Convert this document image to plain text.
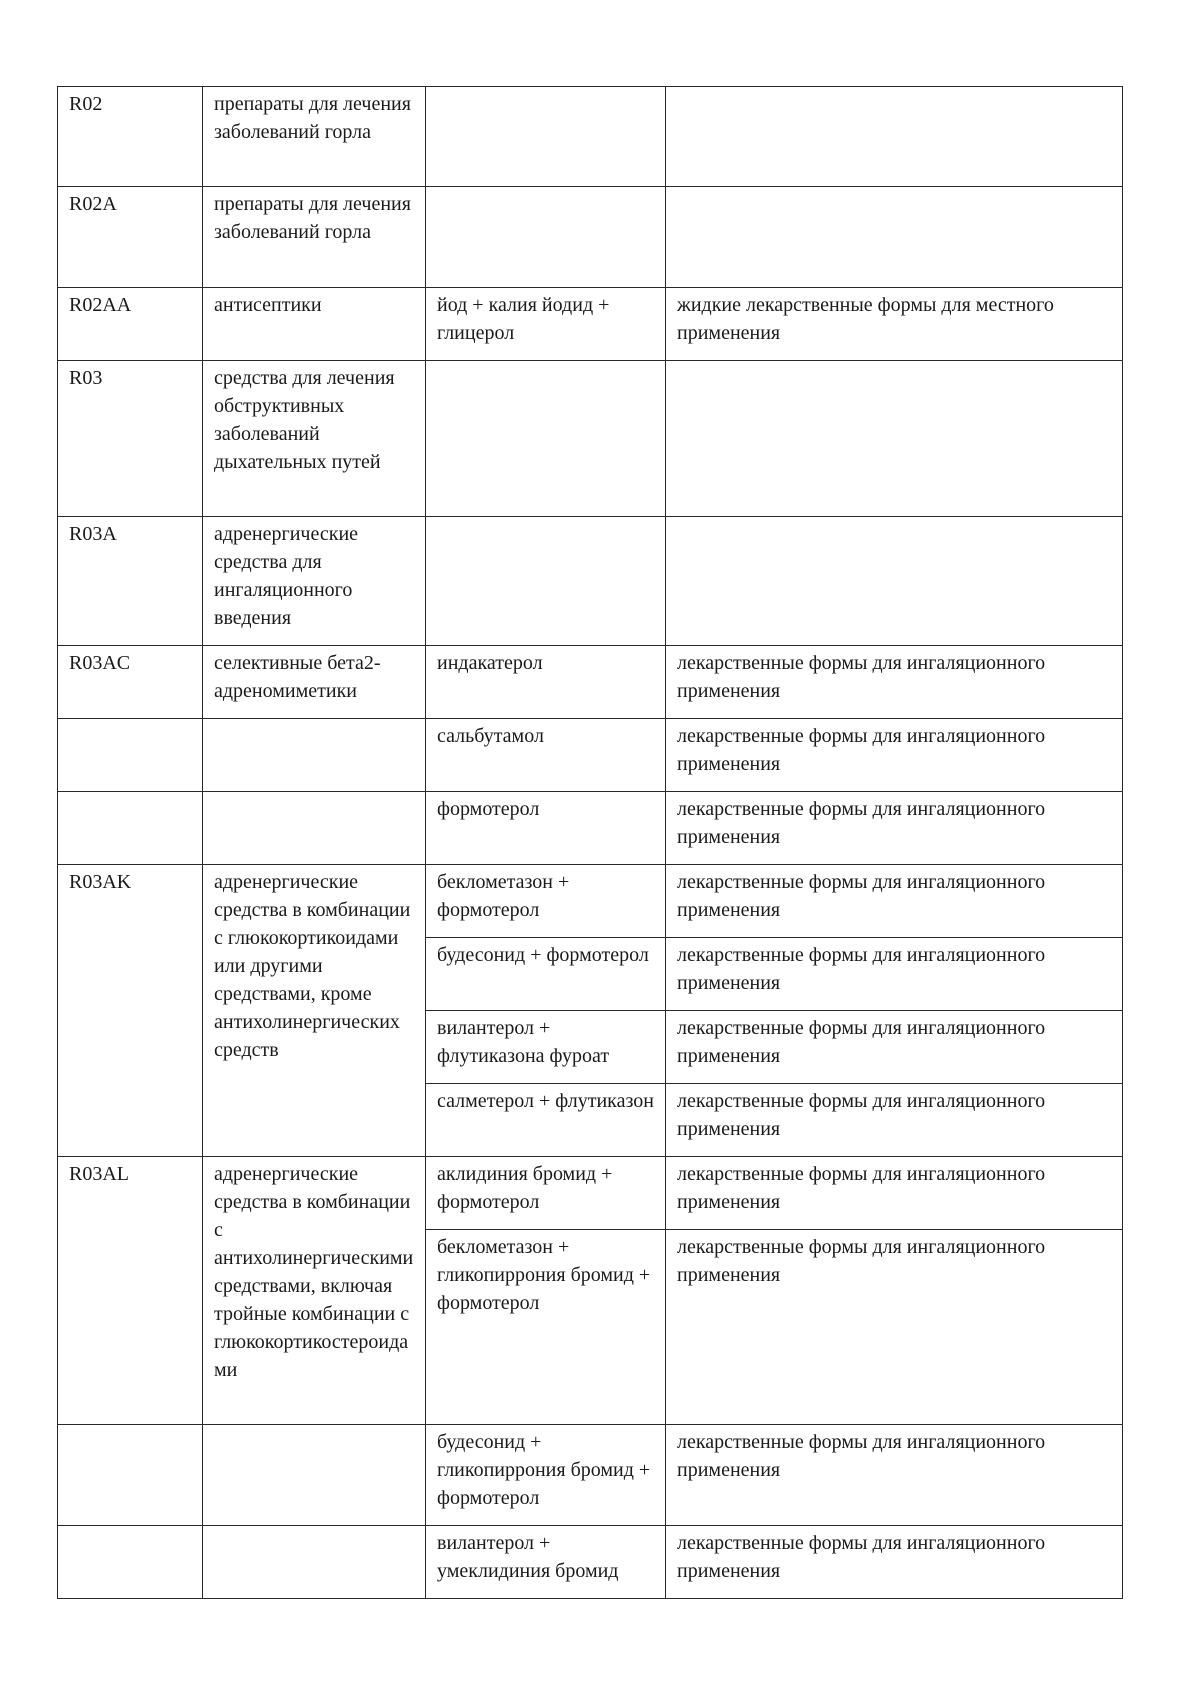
R02	препараты для лечения заболеваний горла		
R02A	препараты для лечения заболеваний горла		
R02AA	антисептики	йод + калия йодид + глицерол	жидкие лекарственные формы для местного применения
R03	средства для лечения обструктивных заболеваний дыхательных путей		
R03A	адренергические средства для ингаляционного введения		
R03AC	селективные бета2-адреномиметики	индакатерол	лекарственные формы для ингаляционного применения
		сальбутамол	лекарственные формы для ингаляционного применения
		формотерол	лекарственные формы для ингаляционного применения
R03AK	адренергические средства в комбинации с глюкокортикоидами или другими средствами, кроме антихолинергических средств	беклометазон + формотерол	лекарственные формы для ингаляционного применения
		будесонид + формотерол	лекарственные формы для ингаляционного применения
		вилантерол + флутиказона фуроат	лекарственные формы для ингаляционного применения
		салметерол + флутиказон	лекарственные формы для ингаляционного применения
R03AL	адренергические средства в комбинации с антихолинергическими средствами, включая тройные комбинации с глюкокортикостероидами	аклидиния бромид + формотерол	лекарственные формы для ингаляционного применения
		беклометазон + гликопиррония бромид + формотерол	лекарственные формы для ингаляционного применения
		будесонид + гликопиррония бромид + формотерол	лекарственные формы для ингаляционного применения
		вилантерол + умеклидиния бромид	лекарственные формы для ингаляционного применения
